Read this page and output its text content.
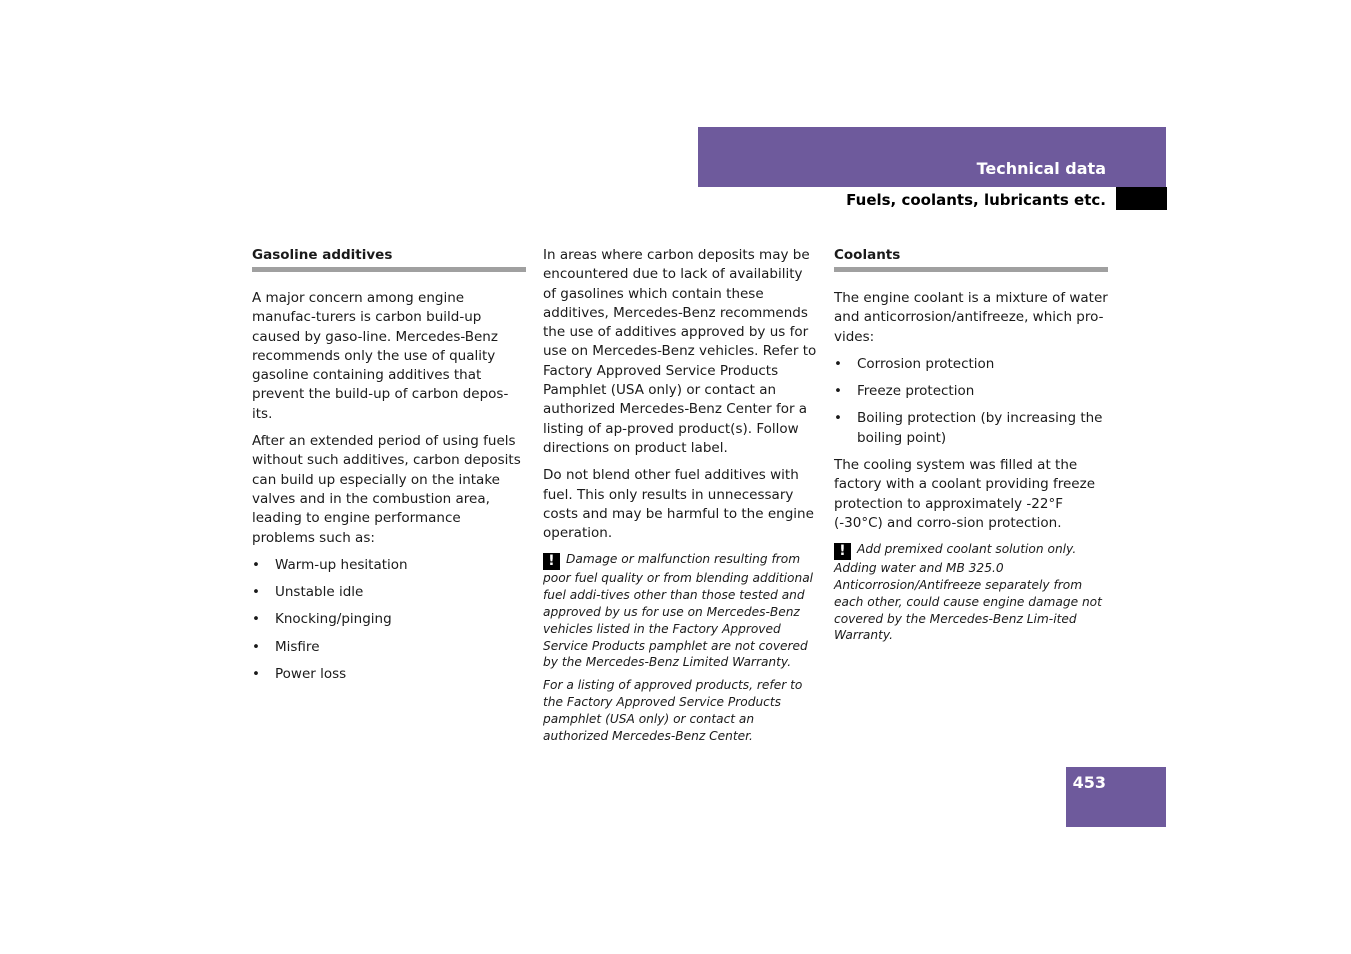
Technical data
Fuels, coolants, lubricants etc.
Gasoline additives

A major concern among engine manufac-turers is carbon build-up caused by gaso-line. Mercedes-Benz recommends only the use of quality gasoline containing additives that prevent the build-up of carbon depos-its.

After an extended period of using fuels without such additives, carbon deposits can build up especially on the intake valves and in the combustion area, leading to engine performance problems such as:

• Warm-up hesitation
• Unstable idle
• Knocking/pinging
• Misfire
• Power loss

In areas where carbon deposits may be encountered due to lack of availability of gasolines which contain these additives, Mercedes-Benz recommends the use of additives approved by us for use on Mercedes-Benz vehicles. Refer to Factory Approved Service Products Pamphlet (USA only) or contact an authorized Mercedes-Benz Center for a listing of ap-proved product(s). Follow directions on product label.

Do not blend other fuel additives with fuel. This only results in unnecessary costs and may be harmful to the engine operation.

! Damage or malfunction resulting from poor fuel quality or from blending additional fuel addi-tives other than those tested and approved by us for use on Mercedes-Benz vehicles listed in the Factory Approved Service Products pamphlet are not covered by the Mercedes-Benz Limited Warranty.

For a listing of approved products, refer to the Factory Approved Service Products pamphlet (USA only) or contact an authorized Mercedes-Benz Center.

Coolants

The engine coolant is a mixture of water and anticorrosion/antifreeze, which pro-vides:

• Corrosion protection
• Freeze protection
• Boiling protection (by increasing the boiling point)

The cooling system was filled at the factory with a coolant providing freeze protection to approximately -22°F (-30°C) and corro-sion protection.

! Add premixed coolant solution only. Adding water and MB 325.0 Anticorrosion/Antifreeze separately from each other, could cause engine damage not covered by the Mercedes-Benz Lim-ited Warranty.

453
